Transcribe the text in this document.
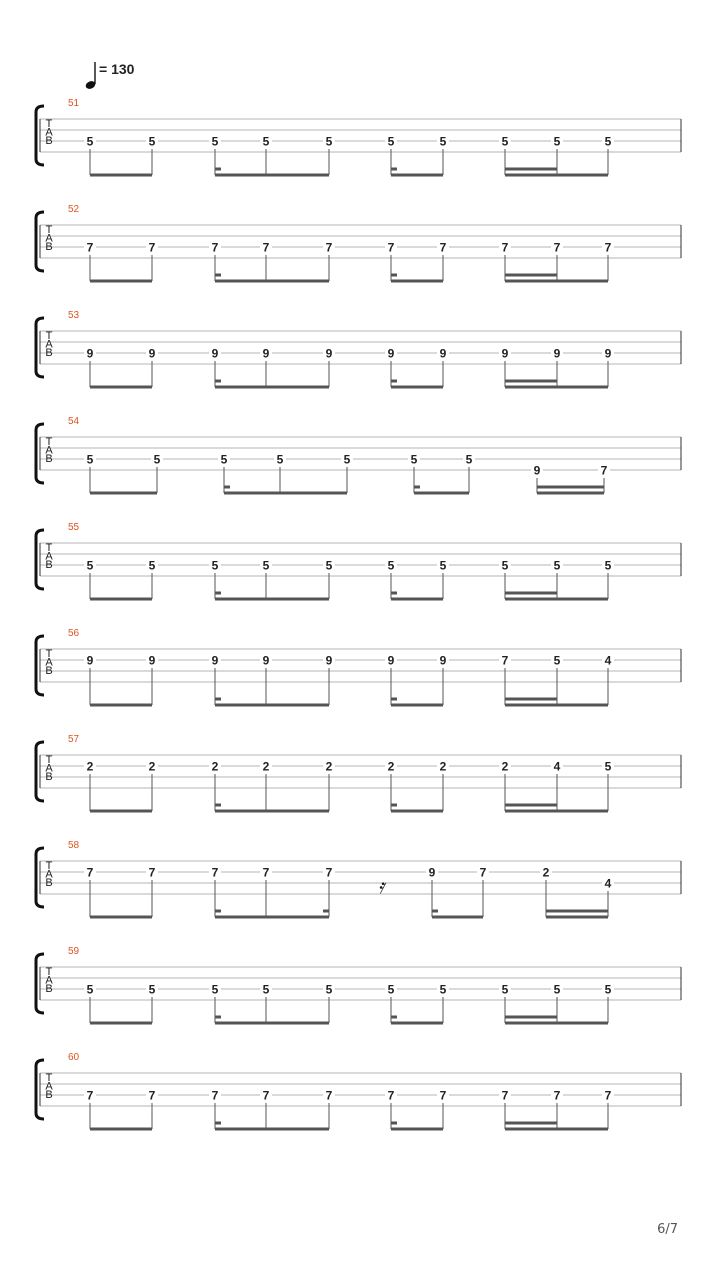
= 130
T
A
B
51
5	5	5	5	5	5	5	5	5	5
T
A
B
52
7	7	7	7	7	7	7	7	7	7
T
A
B
53
9	9	9	9	9	9	9	9	9	9
T
A
B
54
5	5	5	5	5	5	5
9	7
T
A
B
55
5	5	5	5	5	5	5	5	5	5
T
A
B
56
9	9	9	9	9	9	9	7	5	4
T
A
B
57
2	2	2	2	2	2	2	2	4	5
T
A
B
58
𝄿
7	7	7	7	7	9	7	2
4
T
A
B
59
5	5	5	5	5	5	5	5	5	5
T
A
B
60
7	7	7	7	7	7	7	7	7	7
6/7
